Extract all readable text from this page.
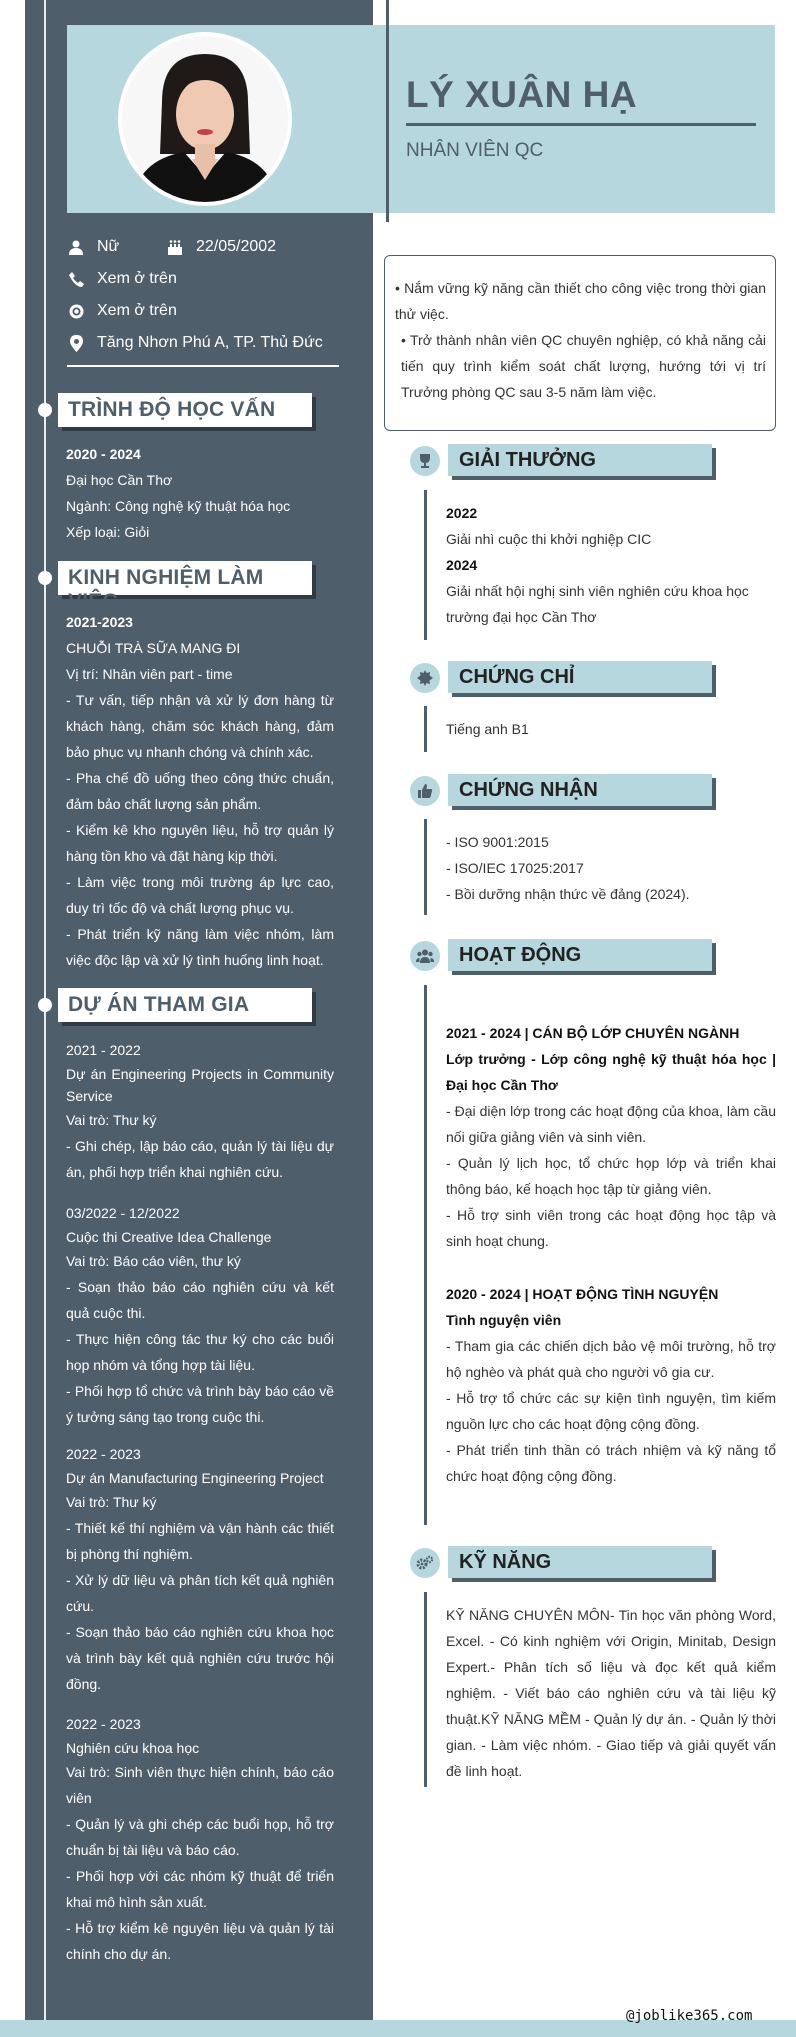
LÝ XUÂN HẠ
NHÂN VIÊN QC
Nữ	22/05/2002
Xem ở trên
Xem ở trên
Tăng Nhơn Phú A, TP. Thủ Đức
TRÌNH ĐỘ HỌC VẤN

2020 - 2024

Đại học Cần Thơ

Ngành: Công nghệ kỹ thuật hóa học

Xếp loại: Giỏi

KINH NGHIỆM LÀM VIỆC

2021-2023

CHUỖI TRÀ SỮA MANG ĐI

Vị trí: Nhân viên part - time

- Tư vấn, tiếp nhận và xử lý đơn hàng từ khách hàng, chăm sóc khách hàng, đảm bảo phục vụ nhanh chóng và chính xác.

- Pha chế đồ uống theo công thức chuẩn, đảm bảo chất lượng sản phẩm.

- Kiểm kê kho nguyên liệu, hỗ trợ quản lý hàng tồn kho và đặt hàng kịp thời.

- Làm việc trong môi trường áp lực cao, duy trì tốc độ và chất lượng phục vụ.

- Phát triển kỹ năng làm việc nhóm, làm việc độc lập và xử lý tình huống linh hoạt.

DỰ ÁN THAM GIA

2021 - 2022

Dự án Engineering Projects in Community Service

Vai trò: Thư ký

- Ghi chép, lập báo cáo, quản lý tài liệu dự án, phối hợp triển khai nghiên cứu.

03/2022 - 12/2022

Cuộc thi Creative Idea Challenge

Vai trò: Báo cáo viên, thư ký

- Soạn thảo báo cáo nghiên cứu và kết quả cuộc thi.

- Thực hiện công tác thư ký cho các buổi họp nhóm và tổng hợp tài liệu.

- Phối hợp tổ chức và trình bày báo cáo về ý tưởng sáng tạo trong cuộc thi.

2022 - 2023

Dự án Manufacturing Engineering Project

Vai trò: Thư ký

- Thiết kế thí nghiệm và vận hành các thiết bị phòng thí nghiệm.

- Xử lý dữ liệu và phân tích kết quả nghiên cứu.

- Soạn thảo báo cáo nghiên cứu khoa học và trình bày kết quả nghiên cứu trước hội đồng.

2022 - 2023

Nghiên cứu khoa học

Vai trò: Sinh viên thực hiện chính, báo cáo viên

- Quản lý và ghi chép các buổi họp, hỗ trợ chuẩn bị tài liệu và báo cáo.

- Phối hợp với các nhóm kỹ thuật để triển khai mô hình sản xuất.

- Hỗ trợ kiểm kê nguyên liệu và quản lý tài chính cho dự án.

• Nắm vững kỹ năng cần thiết cho công việc trong thời gian thử việc.

• Trở thành nhân viên QC chuyên nghiệp, có khả năng cải tiến quy trình kiểm soát chất lượng, hướng tới vị trí Trưởng phòng QC sau 3-5 năm làm việc.

GIẢI THƯỞNG

2022

Giải nhì cuộc thi khởi nghiệp CIC

2024

Giải nhất hội nghị sinh viên nghiên cứu khoa học trường đại học Cần Thơ

CHỨNG CHỈ

Tiếng anh B1

CHỨNG NHẬN

- ISO 9001:2015

- ISO/IEC 17025:2017

- Bồi dưỡng nhận thức về đảng (2024).

HOẠT ĐỘNG

2021 - 2024 | CÁN BỘ LỚP CHUYÊN NGÀNH

Lớp trưởng - Lớp công nghệ kỹ thuật hóa học | Đại học Cần Thơ

- Đại diện lớp trong các hoạt động của khoa, làm cầu nối giữa giảng viên và sinh viên.

- Quản lý lịch học, tổ chức họp lớp và triển khai thông báo, kế hoạch học tập từ giảng viên.

- Hỗ trợ sinh viên trong các hoạt động học tập và sinh hoạt chung.

2020 - 2024 | HOẠT ĐỘNG TÌNH NGUYỆN

Tình nguyện viên

- Tham gia các chiến dịch bảo vệ môi trường, hỗ trợ hộ nghèo và phát quà cho người vô gia cư.

- Hỗ trợ tổ chức các sự kiện tình nguyện, tìm kiếm nguồn lực cho các hoạt động cộng đồng.

- Phát triển tinh thần có trách nhiệm và kỹ năng tổ chức hoạt động cộng đồng.

KỸ NĂNG

KỸ NĂNG CHUYÊN MÔN- Tin học văn phòng Word, Excel. - Có kinh nghiệm với Origin, Minitab, Design Expert.- Phân tích số liệu và đọc kết quả kiểm nghiệm. - Viết báo cáo nghiên cứu và tài liệu kỹ thuật.KỸ NĂNG MỀM - Quản lý dự án. - Quản lý thời gian. - Làm việc nhóm. - Giao tiếp và giải quyết vấn đề linh hoạt.

@joblike365.com
